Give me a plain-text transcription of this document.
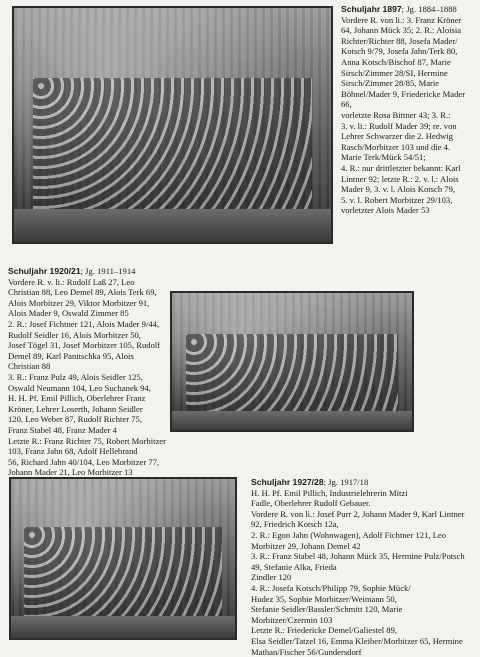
Schuljahr 1897; Jg. 1884–1888

Vordere R. von li.: 3. Franz Kröner
64, Johann Mück 35; 2. R.: Aloisia
Richter/Richter 88, Josefa Mader/
Kotsch 9/79, Josefa Jahn/Terk 80,
Anna Kotsch/Bischof 87, Marie
Sirsch/Zimmer 28/SI, Hermine
Sirsch/Zimmer 28/85, Marie Böhnel/Mader 9, Friedericke Mader 66,
vorletzte Rosa Bittner 43; 3. R.:
3. v. li.: Rudolf Mader 39; re. von
Lehrer Schwarzer die 2. Hedwig
Rasch/Morbitzer 103 und die 4.
Marie Terk/Mück 54/51;
4. R.: nur drittletzter bekannt: Karl
Lintner 92; letzte R.: 2. v. l.: Alois
Mader 9, 3. v. l. Alois Kotsch 79,
5. v. l. Robert Morbitzer 29/103, vorletzter Alois Mader 53

Schuljahr 1920/21; Jg. 1911–1914

Vordere R. v. li.: Rudolf Laß 27, Leo Christian 88, Leo Demel 89, Alois Terk 69,
Alois Morbitzer 29, Viktor Morbitzer 91,
Alois Mader 9, Oswald Zimmer 85
2. R.: Josef Fichtner 121, Alois Mader 9/44,
Rudolf Seidler 16, Alois Morbitzer 50,
Josef Tögel 31, Josef Morbitzer 105, Rudolf
Demel 89, Karl Panitschka 95, Alois
Christian 88
3. R.: Franz Pulz 49, Alois Seidler 125,
Oswald Neumann 104, Leo Suchanek 94,
H. H. Pf. Emil Pillich, Oberlehrer Franz
Kröner, Lehrer Loserth, Johann Seidler
120, Leo Weber 87, Rudolf Richter 75,
Franz Stabel 48, Franz Mader 4
Letzte R.: Franz Richter 75, Robert Morbitzer 103, Franz Jahn 68, Adolf Hellebrand
56, Richard Jahn 40/104, Leo Morbitzer 77,
Johann Mader 21, Leo Morbitzer 13

Schuljahr 1927/28; Jg. 1917/18

H. H. Pf. Emil Pillich, Industrielehrerin Mitzi
Fadle, Oberlehrer Rudolf Gebauer.
Vordere R. von li.: Josef Purr 2, Johann Mader 9, Karl Lintner 92, Friedrich Kotsch 12a,
2. R.: Egon Jahn (Wohnwagen), Adolf Fichtner 121, Leo Morbitzer 29, Johann Demel 42
3. R.: Franz Stabel 48, Johann Mück 35, Hermine Pulz/Potsch 49, Stefanie Alka, Frieda
Zindler 120
4. R.: Josefa Kotsch/Philipp 79, Sophie Mück/
Hudez 35, Sophie Morbitzer/Weimann 50,
Stefanie Seidler/Bassler/Schmitt 120, Marie
Morbitzer/Czermin 103
Letzte R.: Friedericke Demel/Galiestel 89,
Elsa Seidler/Tatzel 16, Emma Kleiber/Morbitzer 65, Hermine Mathan/Fischer 56/Gundersdorf
